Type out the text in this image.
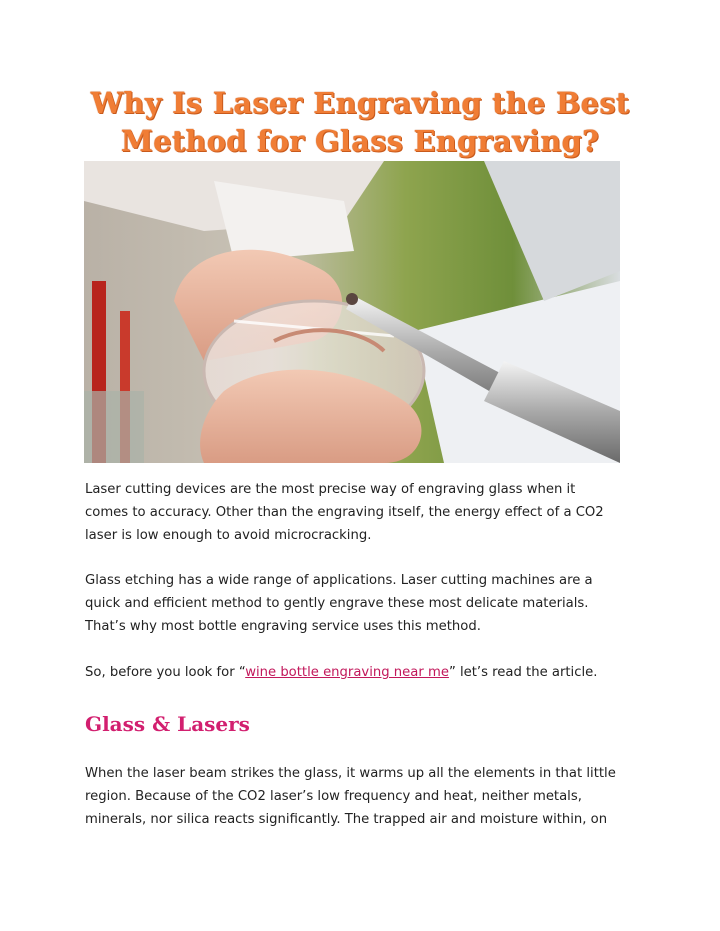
Why Is Laser Engraving the Best
Method for Glass Engraving?

Laser cutting devices are the most precise way of engraving glass when it
comes to accuracy. Other than the engraving itself, the energy effect of a CO2
laser is low enough to avoid microcracking.

Glass etching has a wide range of applications. Laser cutting machines are a
quick and efficient method to gently engrave these most delicate materials.
That’s why most bottle engraving service uses this method.

So, before you look for “wine bottle engraving near me” let’s read the article.

Glass & Lasers

When the laser beam strikes the glass, it warms up all the elements in that little
region. Because of the CO2 laser’s low frequency and heat, neither metals,
minerals, nor silica reacts significantly. The trapped air and moisture within, on
